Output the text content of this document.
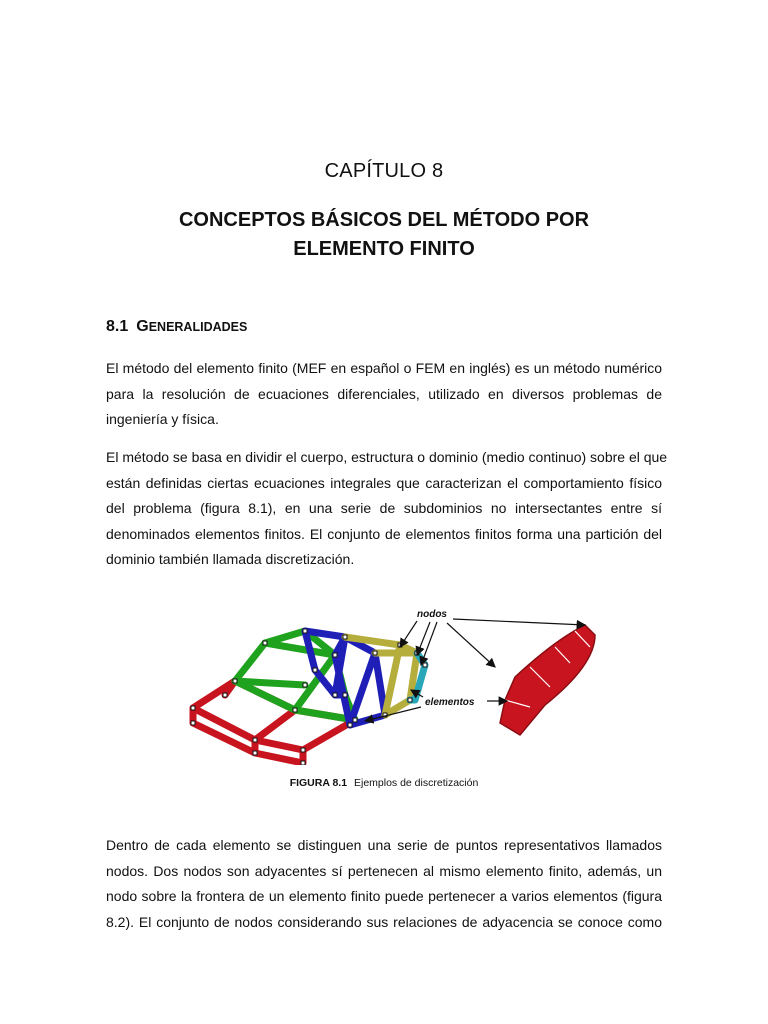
CAPÍTULO 8
CONCEPTOS BÁSICOS DEL MÉTODO POR
ELEMENTO FINITO
8.1 GENERALIDADES
El método del elemento finito (MEF en español o FEM en inglés) es un método numérico
para la resolución de ecuaciones diferenciales, utilizado en diversos problemas de
ingeniería y física.
El método se basa en dividir el cuerpo, estructura o dominio (medio continuo) sobre el que
están definidas ciertas ecuaciones integrales que caracterizan el comportamiento físico
del problema (figura 8.1), en una serie de subdominios no intersectantes entre sí
denominados elementos finitos. El conjunto de elementos finitos forma una partición del
dominio también llamada discretización.
nodos
elementos
FIGURA 8.1 Ejemplos de discretización
Dentro de cada elemento se distinguen una serie de puntos representativos llamados
nodos. Dos nodos son adyacentes sí pertenecen al mismo elemento finito, además, un
nodo sobre la frontera de un elemento finito puede pertenecer a varios elementos (figura
8.2). El conjunto de nodos considerando sus relaciones de adyacencia se conoce como
